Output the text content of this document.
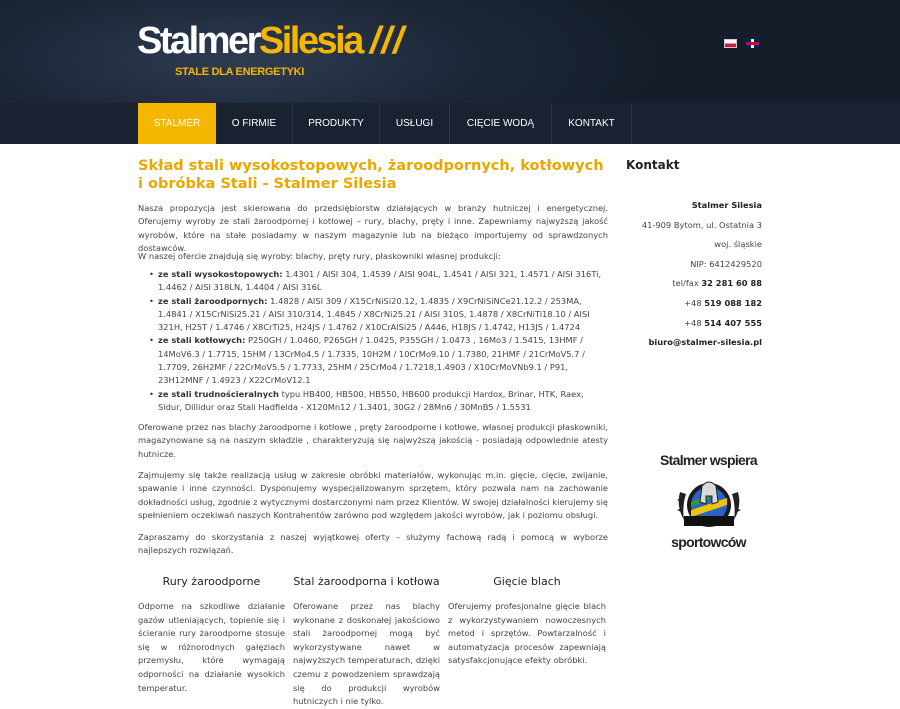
StalmerSilesia ///
STALE DLA ENERGETYKI
STALMER	O FIRMIE	PRODUKTY	USŁUGI	CIĘCIE WODĄ	KONTAKT
Skład stali wysokostopowych, żaroodpornych, kotłowych i obróbka Stali - Stalmer Silesia

Nasza propozycja jest skierowana do przedsiębiorstw działających w branży hutniczej i energetycznej. Oferujemy wyroby ze stali żaroodpornej i kotłowej – rury, blachy, pręty i inne. Zapewniamy najwyższą jakość wyrobów, które na stałe posiadamy w naszym magazynie lub na bieżąco importujemy od sprawdzonych dostawców.

W naszej ofercie znajdują się wyroby: blachy, pręty rury, płaskowniki własnej produkcji:

• ze stali wysokostopowych: 1.4301 / AISI 304, 1.4539 / AISI 904L, 1.4541 / AISI 321, 1.4571 / AISI 316Ti, 1.4462 / AISI 318LN, 1.4404 / AISI 316L
• ze stali żaroodpornych: 1.4828 / AISI 309 / X15CrNiSi20.12, 1.4835 / X9CrNiSiNCe21.12.2 / 253MA, 1.4841 / X15CrNiSi25.21 / AISI 310/314, 1.4845 / X8CrNi25.21 / AISI 310S, 1.4878 / X8CrNiTi18.10 / AISI 321H, H25T / 1.4746 / X8CrTi25, H24JS / 1.4762 / X10CrAlSi25 / A446, H18JS / 1.4742, H13JS / 1.4724
• ze stali kotłowych: P250GH / 1.0460, P265GH / 1.0425, P355GH / 1.0473 , 16Mo3 / 1.5415, 13HMF / 14MoV6.3 / 1.7715, 15HM / 13CrMo4.5 / 1.7335, 10H2M / 10CrMo9.10 / 1.7380, 21HMF / 21CrMoV5.7 / 1.7709, 26H2MF / 22CrMoV5.5 / 1.7733, 25HM / 25CrMo4 / 1.7218,1.4903 / X10CrMoVNb9.1 / P91, 23H12MNF / 1.4923 / X22CrMoV12.1
• ze stali trudnościeralnych typu HB400, HB500, HB550, HB600 produkcji Hardox, Brinar, HTK, Raex, Sidur, Dillidur oraz Stali Hadfielda - X120Mn12 / 1.3401, 30G2 / 28Mn6 / 30MnB5 / 1.5531

Oferowane przez nas blachy żaroodporne i kotłowe , pręty żaroodporne i kotłowe, własnej produkcji płaskowniki, magazynowane są na naszym składzie , charakteryzują się najwyższą jakością - posiadają odpowiednie atesty hutnicze.

Zajmujemy się także realizacją usług w zakresie obróbki materiałów, wykonując m.in. gięcie, cięcie, zwijanie, spawanie i inne czynności. Dysponujemy wyspecjalizowanym sprzętem, który pozwala nam na zachowanie dokładności usług, zgodnie z wytycznymi dostarczonymi nam przez Klientów. W swojej działalności kierujemy się spełnieniem oczekiwań naszych Kontrahentów zarówno pod względem jakości wyrobów, jak i poziomu obsługi.

Zapraszamy do skorzystania z naszej wyjątkowej oferty – służymy fachową radą i pomocą w wyborze najlepszych rozwiązań.

Rury żaroodporne

Odporne na szkodliwe działanie gazów utleniających, topienie się i ścieranie rury żaroodporne stosuje się w różnorodnych gałęziach przemysłu, które wymagają odporności na działanie wysokich temperatur.

Stal żaroodporna i kotłowa

Oferowane przez nas blachy wykonane z doskonałej jakościowo stali żaroodpornej mogą być wykorzystywane nawet w najwyższych temperaturach, dzięki czemu z powodzeniem sprawdzają się do produkcji wyrobów hutniczych i nie tylko.

Gięcie blach

Oferujemy profesjonalne gięcie blach z wykorzystywaniem nowoczesnych metod i sprzętów. Powtarzalność i automatyzacja procesów zapewniają satysfakcjonujące efekty obróbki.

Kontakt
Stalmer Silesia
41-909 Bytom, ul. Ostatnia 3
woj. śląskie
NIP: 6412429520
tel/fax 32 281 60 88
+48 519 088 182
+48 514 407 555
biuro@stalmer-silesia.pl
Stalmer wspiera
sportowców
